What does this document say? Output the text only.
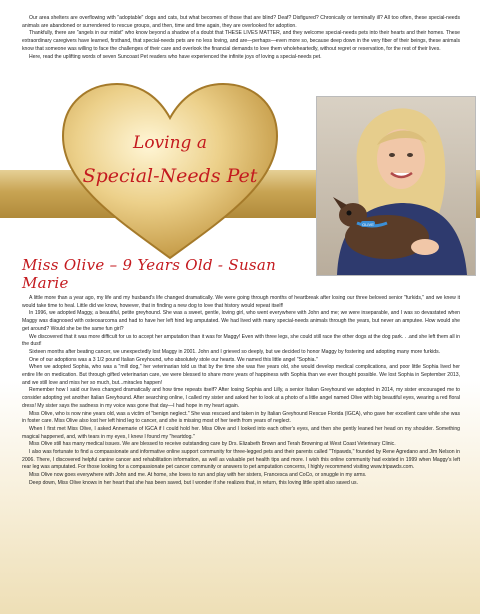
Our area shelters are overflowing with "adoptable" dogs and cats, but what becomes of those that are blind? Deaf? Disfigured? Chronically or terminally ill? All too often, these special-needs animals are abandoned or surrendered to rescue groups, and then, time and time again, they are overlooked for adoption.

Thankfully, there are "angels in our midst" who know beyond a shadow of a doubt that THESE LIVES MATTER, and they welcome special-needs pets into their hearts and their homes. These extraordinary caregivers have learned, firsthand, that special-needs pets are no less loving, and are—perhaps—even more so, because deep down in the very fiber of their beings, these animals know that someone was willing to face the challenges of their care and overlook the financial demands to love them wholeheartedly, without regret or reservation, for the rest of their lives.

Here, read the uplifting words of seven Suncoast Pet readers who have experienced the infinite joys of loving a special-needs pet.

OLIVE
Loving a
Special-Needs Pet
Miss Olive – 9 Years Old - Susan Marie

A little more than a year ago, my life and my husband's life changed dramatically. We were going through months of heartbreak after losing our three beloved senior "furkids," and we knew it would take time to heal. Little did we know, however, that in finding a new dog to love that history would repeat itself!

In 1996, we adopted Maggy, a beautiful, petite greyhound. She was a sweet, gentle, loving girl, who went everywhere with John and me; we were inseparable, and I was so devastated when Maggy was diagnosed with osteosarcoma and had to have her left hind leg amputated. We had lived with many special-needs animals through the years, but never an amputee. How would she get around? Would she be the same fun girl?

We discovered that it was more difficult for us to accept her amputation than it was for Maggy! Even with three legs, she could still race the other dogs at the dog park. . .and she left them all in the dust!

Sixteen months after beating cancer, we unexpectedly lost Maggy in 2001. John and I grieved so deeply, but we decided to honor Maggy by fostering and adopting many more furkids.

One of our adoptions was a 3 1/2 pound Italian Greyhound, who absolutely stole our hearts. We named this little angel "Sophia."

When we adopted Sophia, who was a "mill dog," her veterinarian told us that by the time she was five years old, she would develop medical complications, and poor little Sophia lived her entire life on medication. But through gifted veterinarian care, we were blessed to share more years of happiness with Sophia than we ever thought possible. We lost Sophia in September 2013, and we still love and miss her so much, but...miracles happen!

Remember how I said our lives changed dramatically and how time repeats itself? After losing Sophia and Lilly, a senior Italian Greyhound we adopted in 2014, my sister encouraged me to consider adopting yet another Italian Greyhound. After searching online, I called my sister and asked her to look at a photo of a little angel named Olive with big beautiful eyes, wearing a red floral dress! My sister says the sadness in my voice was gone that day—I had hope in my heart again.

Miss Olive, who is now nine years old, was a victim of "benign neglect." She was rescued and taken in by Italian Greyhound Rescue Florida (IGCA), who gave her excellent care while she was in foster care. Miss Olive also lost her left hind leg to cancer, and she is missing most of her teeth from years of neglect.

When I first met Miss Olive, I asked Annemarie of IGCA if I could hold her. Miss Olive and I looked into each other's eyes, and then she gently leaned her head on my shoulder. Something magical happened, and, with tears in my eyes, I knew I found my "heartdog."

Miss Olive still has many medical issues. We are blessed to receive outstanding care by Drs. Elizabeth Brown and Terah Browning at West Coast Veterinary Clinic.

I also was fortunate to find a compassionate and informative online support community for three-legged pets and their parents called "Tripawds," founded by Rene Agredano and Jim Nelson in 2006. There, I discovered helpful canine cancer and rehabilitation information, as well as valuable pet health tips and more. I wish this online community had existed in 1999 when Maggy's left rear leg was amputated. For those looking for a compassionate pet cancer community or answers to pet amputation concerns, I highly recommend visiting www.tripawds.com.

Miss Olive now goes everywhere with John and me. At home, she loves to run and play with her sisters, Francesca and CoCo, or snuggle in my arms.

Deep down, Miss Olive knows in her heart that she has been saved, but I wonder if she realizes that, in return, this loving little spirit also saved us.
